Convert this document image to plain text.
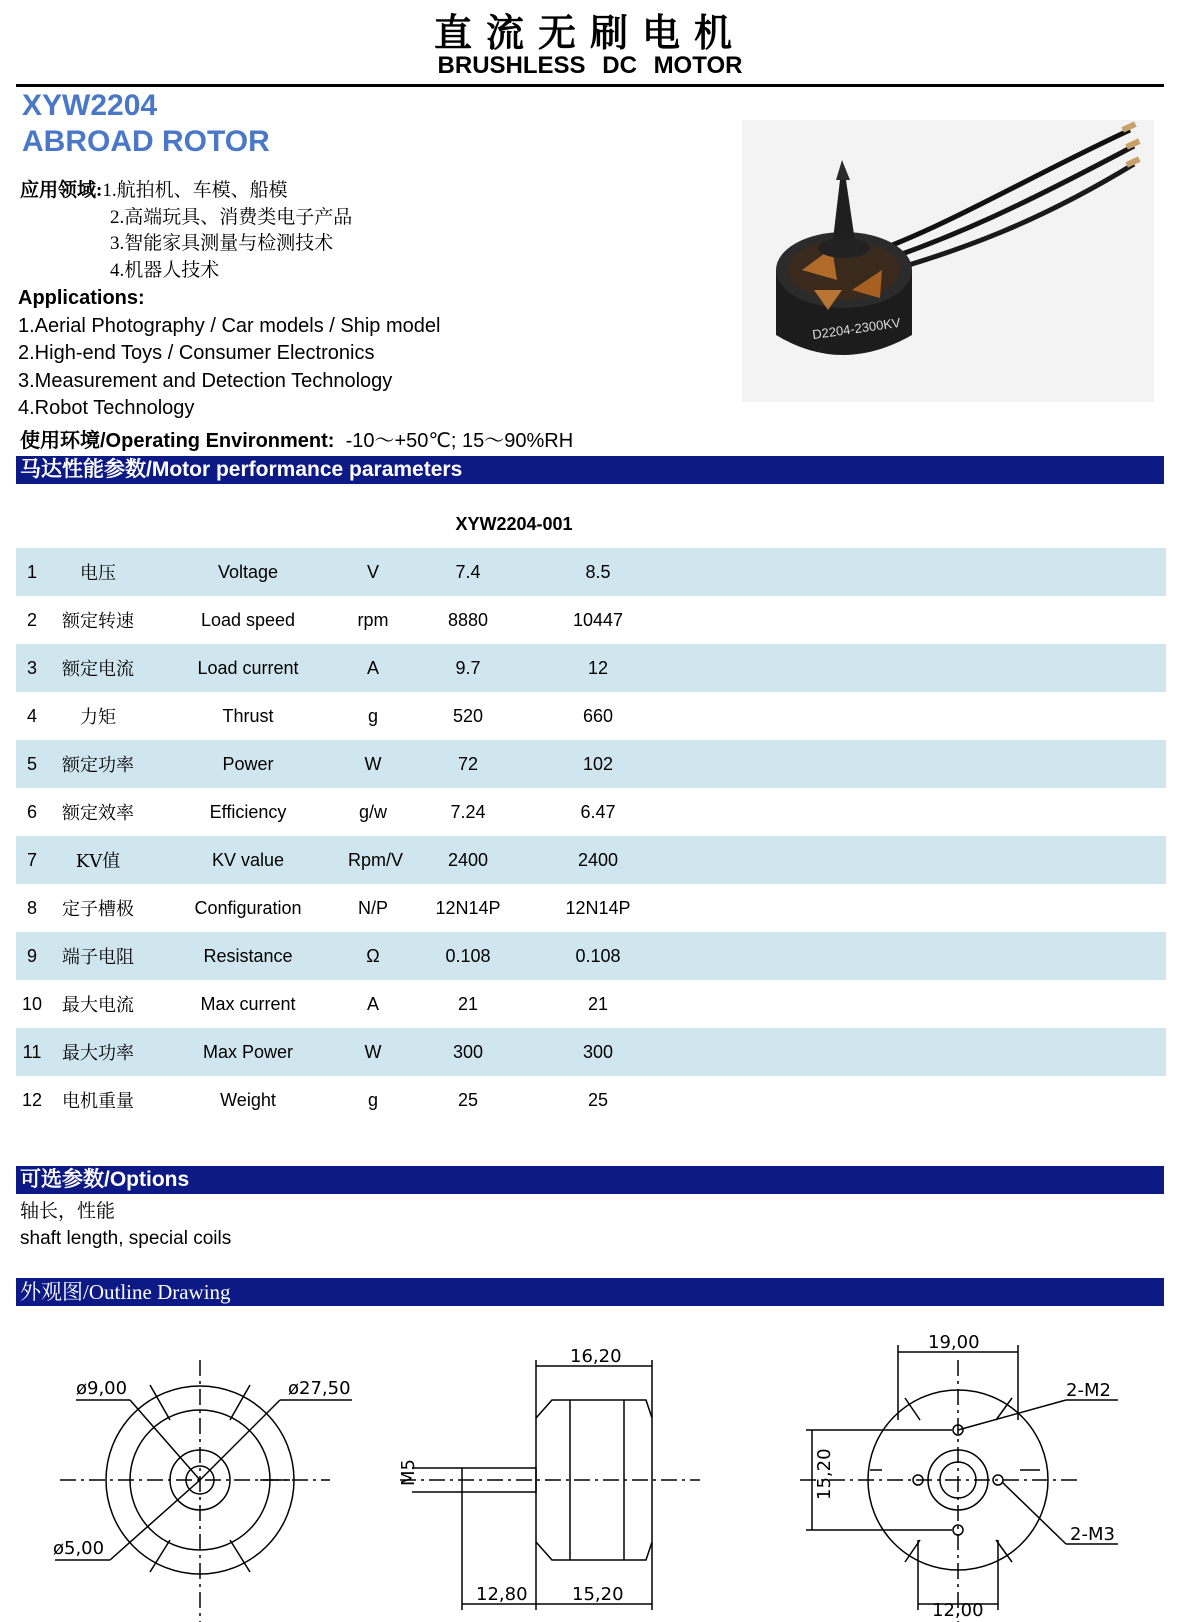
直流无刷电机
BRUSHLESS DC MOTOR
XYW2204
ABROAD ROTOR
应用领域:1.航拍机、车模、船模
2.高端玩具、消费类电子产品
3.智能家具测量与检测技术
4.机器人技术
Applications:
1.Aerial Photography / Car models / Ship model
2.High-end Toys / Consumer Electronics
3.Measurement and Detection Technology
4.Robot Technology
使用环境/Operating Environment: -10～+50℃; 15～90%RH
D2204-2300KV
马达性能参数/Motor performance parameters
XYW2204-001
1	电压	Voltage	V	7.4	8.5
2	额定转速	Load speed	rpm	8880	10447
3	额定电流	Load current	A	9.7	12
4	力矩	Thrust	g	520	660
5	额定功率	Power	W	72	102
6	额定效率	Efficiency	g/w	7.24	6.47
7	KV值	KV value	Rpm/V	2400	2400
8	定子槽极	Configuration	N/P	12N14P	12N14P
9	端子电阻	Resistance	Ω	0.108	0.108
10	最大电流	Max current	A	21	21
11	最大功率	Max Power	W	300	300
12	电机重量	Weight	g	25	25
可选参数/Options
轴长，性能
shaft length, special coils
外观图/Outline Drawing
ø9,00	ø27,50
ø5,00
16,20
M5
12,80 15,20
19,00
2-M2
15,20
2-M3
12,00
